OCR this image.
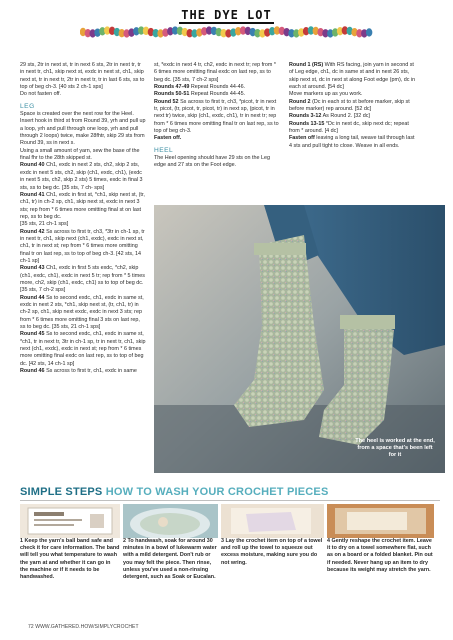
THE DYE LOT

29 sts, 2tr in next st, tr in next 6 sts, 2tr in next tr, tr in next tr, ch1, skip next st, exdc in next st, ch1, skip next st, tr in next tr, 2tr in next tr, tr in last 6 sts, ss to top of beg ch-3. [40 sts 2 ch-1 sps]

Do not fasten off.

LEG

Space is created over the next row for the Heel. Insert hook in third st from Round 39, yrh and pull up a loop, yrh and pull through one loop, yrh and pull through 2 loops) twice, make 28fhtr, skip 29 sts from Round 39, ss in next s.

Using a small amount of yarn, sew the base of the final fhr to the 28th skipped st.

Round 40 Ch1, exdc in next 2 sts, ch2, skip 2 sts, exdc in next 5 sts, ch2, skip (ch1, exdc, ch1), (exdc in next 5 sts, ch2, skip 2 sts) 5 times, exdc in final 3 sts, ss to beg dc. [35 sts, 7 ch- sps]

Round 41 Ch1, exdc in first st, *ch1, skip next st, (tr, ch1, tr) in ch-2 sp, ch1, skip next st, exdc in next 3 sts; rep from * 6 times more omitting final st on last rep, ss to beg dc.

[35 sts, 21 ch-1 sps]

Round 42 Ss across to first tr, ch3, *3tr in ch-1 sp, tr in next tr, ch1, skip next (ch1, exdc), exdc in next st, ch1, tr in next st; rep from * 6 times more omitting final tr on last rep, ss to top of beg ch-3. [42 sts, 14 ch-1 sp]

Round 43 Ch1, exdc in first 5 sts exdc, *ch2, skip (ch1, exdc, ch1), exdc in next 5 tr; rep from * 5 times more, ch2, skip (ch1, exdc, ch1) ss to top of beg dc. [35 sts, 7 ch-2 sps]

Round 44 Ss to second exdc, ch1, exdc in same st, exdc in next 2 sts, *ch1, skip next st, (tr, ch1, tr) in ch-2 sp, ch1, skip next exdc, exdc in next 3 sts; rep from * 6 times more omitting final 3 sts on last rep, ss to beg dc. [35 sts, 21 ch-1 sps]

Round 45 Ss to second exdc, ch1, exdc in same st, *ch1, tr in next tr, 3tr in ch-1 sp, tr in next tr, ch1, skip next (ch1, exdc), exdc in next st; rep from * 6 times more omitting final exdc on last rep, ss to top of beg dc. [42 sts, 14 ch-1 sp]

Round 46 Ss across to first tr, ch1, exdc in same

st, *exdc in next 4 tr, ch2, exdc in next tr; rep from * 6 times more omitting final exdc on last rep, ss to beg dc. [35 sts, 7 ch-2 sps]

Rounds 47-49 Repeat Rounds 44-46.

Rounds 50-51 Repeat Rounds 44-45.

Round 52 Ss across to first tr, ch3, *picot, tr in next tr, picot, (tr, picot, tr, picot, tr) in next sp, (picot, tr in next tr) twice, skip (ch1, exdc, ch1), tr in next tr; rep from * 6 times more omitting final tr on last rep, ss to top of beg ch-3.

Fasten off.

HEEL

The Heel opening should have 29 sts on the Leg edge and 27 sts on the Foot edge.

Round 1 (RS) With RS facing, join yarn in second st of Leg edge, ch1, dc in same st and in next 26 sts, skip next st, dc in next st along Foot edge (pm), dc in each st around. [54 dc]

Move markers up as you work.

Round 2 (Dc in each st to st before marker, skip st before marker) rep around. [52 dc]

Rounds 3-12 As Round 2. [32 dc]

Rounds 13-15 *Dc in next dc, skip next dc; repeat from * around. [4 dc]

Fasten off leaving a long tail, weave tail through last 4 sts and pull tight to close. Weave in all ends.

The heel is worked at the end, from a space that's been left for it
SIMPLE STEPS HOW TO WASH YOUR CROCHET PIECES
1 Keep the yarn's ball band safe and check it for care information. The band will tell you what temperature to wash the yarn at and whether it can go in the machine or if it needs to be handwashed.
2 To handwash, soak for around 30 minutes in a bowl of lukewarm water with a mild detergent. Don't rub or you may felt the piece. Then rinse, unless you've used a non-rinsing detergent, such as Soak or Eucalan.
3 Lay the crochet item on top of a towel and roll up the towel to squeeze out excess moisture, making sure you do not wring.
4 Gently reshape the crochet item. Leave it to dry on a towel somewhere flat, such as on a board or a folded blanket. Pin out if needed. Never hang up an item to dry because its weight may stretch the yarn.
72 WWW.GATHERED.HOW/SIMPLYCROCHET
